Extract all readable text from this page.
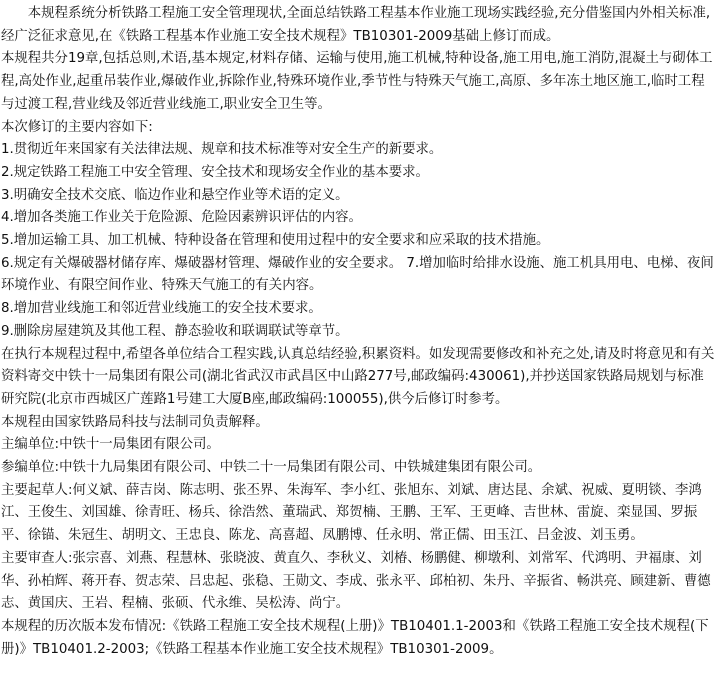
本规程系统分析铁路工程施工安全管理现状,全面总结铁路工程基本作业施工现场实践经验,充分借鉴国内外相关标准,经广泛征求意见,在《铁路工程基本作业施工安全技术规程》TB10301-2009基础上修订而成。

本规程共分19章,包括总则,术语,基本规定,材料存储、运输与使用,施工机械,特种设备,施工用电,施工消防,混凝土与砌体工程,高处作业,起重吊装作业,爆破作业,拆除作业,特殊环境作业,季节性与特殊天气施工,高原、多年冻土地区施工,临时工程与过渡工程,营业线及邻近营业线施工,职业安全卫生等。

本次修订的主要内容如下:

1.贯彻近年来国家有关法律法规、规章和技术标准等对安全生产的新要求。

2.规定铁路工程施工中安全管理、安全技术和现场安全作业的基本要求。

3.明确安全技术交底、临边作业和悬空作业等术语的定义。

4.增加各类施工作业关于危险源、危险因素辨识评估的内容。

5.增加运输工具、加工机械、特种设备在管理和使用过程中的安全要求和应采取的技术措施。

6.规定有关爆破器材储存库、爆破器材管理、爆破作业的安全要求。 7.增加临时给排水设施、施工机具用电、电梯、夜间环境作业、有限空间作业、特殊天气施工的有关内容。

8.增加营业线施工和邻近营业线施工的安全技术要求。

9.删除房屋建筑及其他工程、静态验收和联调联试等章节。

在执行本规程过程中,希望各单位结合工程实践,认真总结经验,积累资料。如发现需要修改和补充之处,请及时将意见和有关资料寄交中铁十一局集团有限公司(湖北省武汉市武昌区中山路277号,邮政编码:430061),并抄送国家铁路局规划与标准研究院(北京市西城区广莲路1号建工大厦B座,邮政编码:100055),供今后修订时参考。

本规程由国家铁路局科技与法制司负责解释。

主编单位:中铁十一局集团有限公司。

参编单位:中铁十九局集团有限公司、中铁二十一局集团有限公司、中铁城建集团有限公司。

主要起草人:何义斌、薛吉岗、陈志明、张丕界、朱海军、李小红、张旭东、刘斌、唐达昆、余斌、祝威、夏明锬、李鸿江、王俊生、刘国雄、徐青旺、杨兵、徐浩然、董瑞武、郑贺楠、王鹏、王军、王更峰、吉世林、雷旋、栾显国、罗振平、徐锚、朱冠生、胡明文、王忠良、陈龙、高喜超、凤鹏博、任永明、常正儒、田玉江、吕金波、刘玉勇。

主要审查人:张宗喜、刘燕、程慧林、张晓波、黄直久、李秋义、刘椿、杨鹏健、柳墩利、刘常军、代鸿明、尹福康、刘华、孙柏辉、蒋开春、贺志荣、吕忠起、张稳、王勋文、李成、张永平、邱柏初、朱丹、辛振省、畅洪亮、顾建新、曹德志、黄国庆、王岩、程楠、张硕、代永维、吴松涛、尚宁。

本规程的历次版本发布情况:《铁路工程施工安全技术规程(上册)》TB10401.1-2003和《铁路工程施工安全技术规程(下册)》TB10401.2-2003;《铁路工程基本作业施工安全技术规程》TB10301-2009。
